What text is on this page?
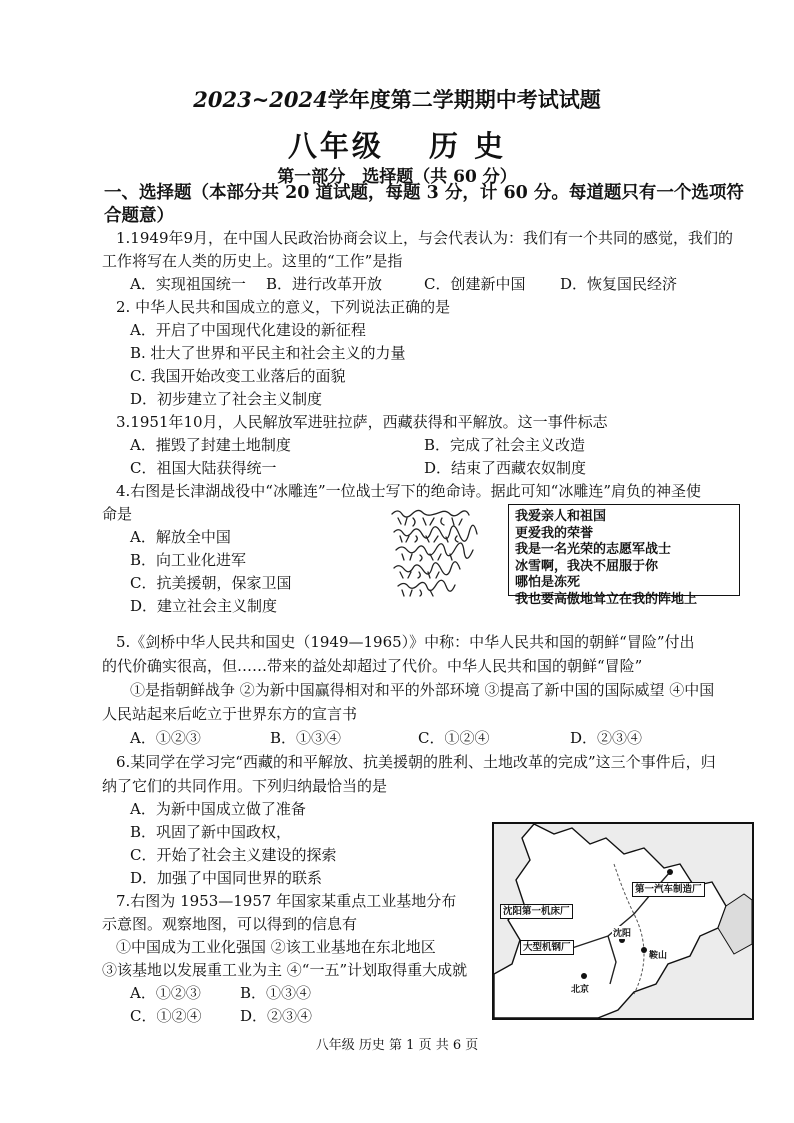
2023~2024学年度第二学期期中考试试题
八年级　 历 史
第一部分　选择题（共 60 分）
一、选择题（本部分共 20 道试题，每题 3 分，计 60 分。每道题只有一个选项符合题意）
1.1949年9月，在中国人民政治协商会议上，与会代表认为：我们有一个共同的感觉，我们的
工作将写在人类的历史上。这里的“工作”是指
A．实现祖国统一 B．进行改革开放	C．创建新中国 D．恢复国民经济
2. 中华人民共和国成立的意义，下列说法正确的是
A．开启了中国现代化建设的新征程
B. 壮大了世界和平民主和社会主义的力量
C. 我国开始改变工业落后的面貌
D．初步建立了社会主义制度
3.1951年10月，人民解放军进驻拉萨，西藏获得和平解放。这一事件标志
A．摧毁了封建土地制度	B．完成了社会主义改造
C．祖国大陆获得统一	D．结束了西藏农奴制度
4.右图是长津湖战役中“冰雕连”一位战士写下的绝命诗。据此可知“冰雕连”肩负的神圣使
命是
A．解放全中国
B．向工业化进军
C．抗美援朝，保家卫国
D．建立社会主义制度
我爱亲人和祖国
更爱我的荣誉
我是一名光荣的志愿军战士
冰雪啊，我决不屈服于你
哪怕是冻死
我也要高傲地耸立在我的阵地上
5.《剑桥中华人民共和国史（1949—1965）》中称：中华人民共和国的朝鲜“冒险”付出
的代价确实很高，但……带来的益处却超过了代价。中华人民共和国的朝鲜“冒险”
①是指朝鲜战争 ②为新中国赢得相对和平的外部环境 ③提高了新中国的国际威望 ④中国
人民站起来后屹立于世界东方的宣言书
A．①②③	B．①③④	C．①②④	D．②③④
6.某同学在学习完“西藏的和平解放、抗美援朝的胜利、土地改革的完成”这三个事件后，归
纳了它们的共同作用。下列归纳最恰当的是
A．为新中国成立做了准备
B．巩固了新中国政权，
C．开始了社会主义建设的探索
D．加强了中国同世界的联系
7.右图为 1953—1957 年国家某重点工业基地分布
示意图。观察地图，可以得到的信息有
①中国成为工业化强国 ②该工业基地在东北地区
③该基地以发展重工业为主 ④“一五”计划取得重大成就
A．①②③	B．①③④
C．①②④	D．②③④
第一汽车制造厂
沈阳第一机床厂
大型机钢厂
北京
沈阳
鞍山
八年级 历史 第 1 页 共 6 页
